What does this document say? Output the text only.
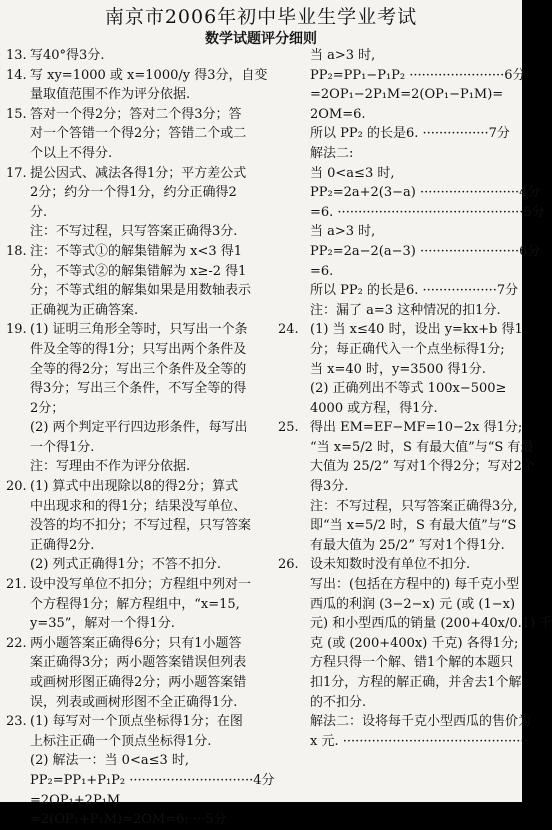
南京市2006年初中毕业生学业考试
数学试题评分细则
13. 写40°得3分.
14. 写 xy=1000 或 x=1000/y 得3分，自变
量取值范围不作为评分依据.
15. 答对一个得2分；答对二个得3分；答
对一个答错一个得2分；答错二个或二
个以上不得分.
17. 提公因式、减法各得1分；平方差公式
2分；约分一个得1分，约分正确得2
分.
注：不写过程，只写答案正确得3分.
18. 注：不等式①的解集错解为 x<3 得1
分，不等式②的解集错解为 x≥-2 得1
分；不等式组的解集如果是用数轴表示
正确视为正确答案.
19. (1) 证明三角形全等时，只写出一个条
件及全等的得1分；只写出两个条件及
全等的得2分；写出三个条件及全等的
得3分；写出三个条件，不写全等的得
2分；
(2) 两个判定平行四边形条件，每写出
一个得1分.
注：写理由不作为评分依据.
20. (1) 算式中出现除以8的得2分；算式
中出现求和的得1分；结果没写单位、
没答的均不扣分；不写过程，只写答案
正确得2分.
(2) 列式正确得1分；不答不扣分.
21. 设中没写单位不扣分；方程组中列对一
个方程得1分；解方程组中，“x=15,
y=35”，解对一个得1分.
22. 两小题答案正确得6分；只有1小题答
案正确得3分；两小题答案错误但列表
或画树形图正确得2分；两小题答案错
误，列表或画树形图不全正确得1分.
23. (1) 每写对一个顶点坐标得1分；在图
上标注正确一个顶点坐标得1分.
(2) 解法一：当 0<a≤3 时,
PP₂=PP₁+P₁P₂ ······························4分
=2OP₁+2P₁M
=2(OP₁+P₁M)=2OM=6; ···5分
当 a>3 时,
PP₂=PP₁−P₁P₂ ·······················6分
=2OP₁−2P₁M=2(OP₁−P₁M)=
2OM=6.
所以 PP₂ 的长是6. ················7分
解法二:
当 0<a≤3 时,
PP₂=2a+2(3−a) ························4分
=6. ·············································5分
当 a>3 时,
PP₂=2a−2(a−3) ························6分
=6.
所以 PP₂ 的长是6. ··················7分
注：漏了 a=3 这种情况的扣1分.
24. (1) 当 x≤40 时，设出 y=kx+b 得1
分；每正确代入一个点坐标得1分;
当 x=40 时，y=3500 得1分.
(2) 正确列出不等式 100x−500≥
4000 或方程，得1分.
25. 得出 EM=EF−MF=10−2x 得1分;
“当 x=5/2 时，S 有最大值”与“S 有最
大值为 25/2” 写对1个得2分；写对2个
得3分.
注：不写过程，只写答案正确得3分,
即“当 x=5/2 时，S 有最大值”与“S
有最大值为 25/2” 写对1个得1分.
26. 设未知数时没有单位不扣分.
写出：(包括在方程中的) 每千克小型
西瓜的利润 (3−2−x) 元 (或 (1−x)
元) 和小型西瓜的销量 (200+40x/0.1) 千
克 (或 (200+400x) 千克) 各得1分;
方程只得一个解、错1个解的本题只
扣1分，方程的解正确，并舍去1个解
的不扣分.
解法二：设将每千克小型西瓜的售价为
x 元. ·············································
